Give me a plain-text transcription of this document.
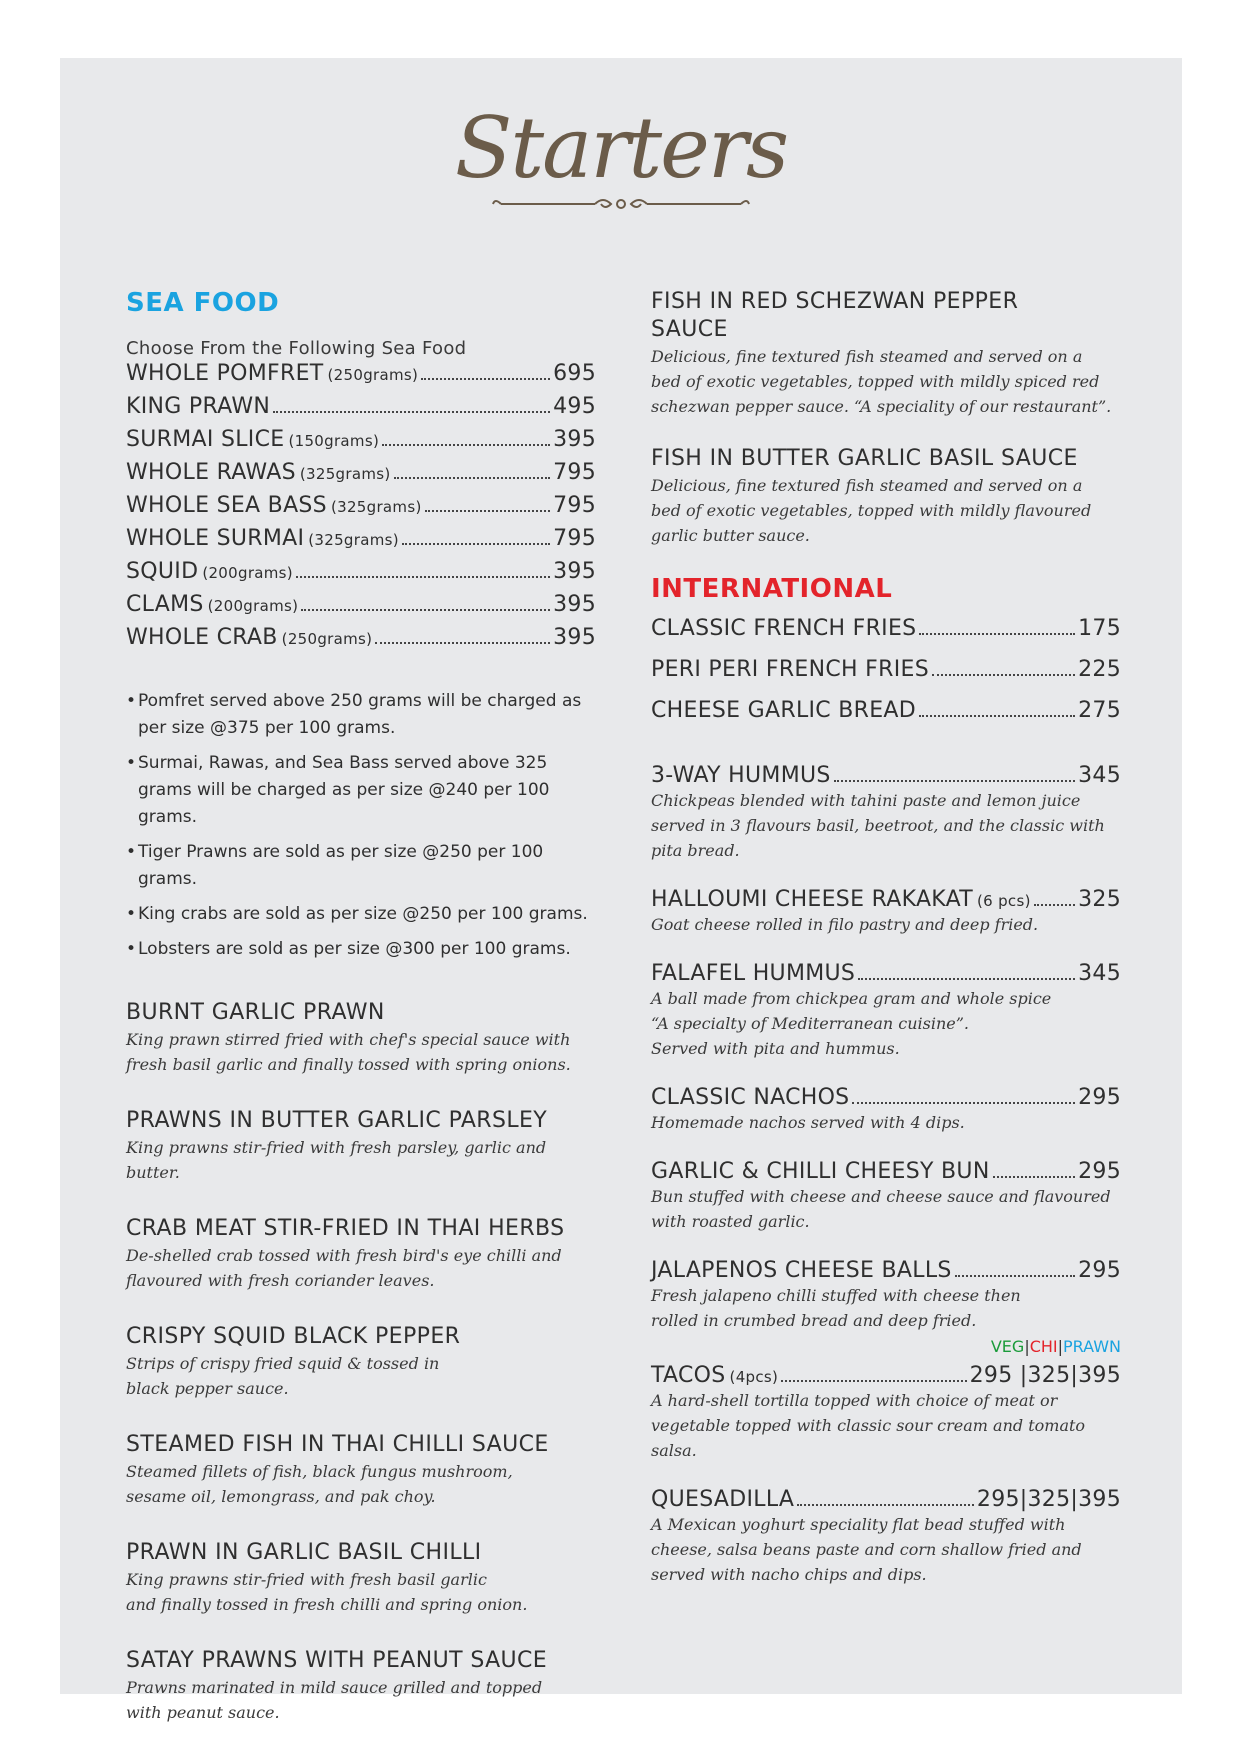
Starters
SEA FOOD
Choose From the Following Sea Food
WHOLE POMFRET (250grams)	695
KING PRAWN	495
SURMAI SLICE (150grams)	395
WHOLE RAWAS (325grams)	795
WHOLE SEA BASS (325grams)	795
WHOLE SURMAI (325grams)	795
SQUID (200grams)	395
CLAMS (200grams)	395
WHOLE CRAB (250grams)	395
• Pomfret served above 250 grams will be charged as per size @375 per 100 grams.
• Surmai, Rawas, and Sea Bass served above 325 grams will be charged as per size @240 per 100 grams.
• Tiger Prawns are sold as per size @250 per 100 grams.
• King crabs are sold as per size @250 per 100 grams.
• Lobsters are sold as per size @300 per 100 grams.
BURNT GARLIC PRAWN
King prawn stirred fried with chef's special sauce with
fresh basil garlic and finally tossed with spring onions.
PRAWNS IN BUTTER GARLIC PARSLEY
King prawns stir-fried with fresh parsley, garlic and butter.
CRAB MEAT STIR-FRIED IN THAI HERBS
De-shelled crab tossed with fresh bird's eye chilli and
flavoured with fresh coriander leaves.
CRISPY SQUID BLACK PEPPER
Strips of crispy fried squid & tossed in
black pepper sauce.
STEAMED FISH IN THAI CHILLI SAUCE
Steamed fillets of fish, black fungus mushroom,
sesame oil, lemongrass, and pak choy.
PRAWN IN GARLIC BASIL CHILLI
King prawns stir-fried with fresh basil garlic
and finally tossed in fresh chilli and spring onion.
SATAY PRAWNS WITH PEANUT SAUCE
Prawns marinated in mild sauce grilled and topped
with peanut sauce.
FISH IN RED SCHEZWAN PEPPER
SAUCE
Delicious, fine textured fish steamed and served on a
bed of exotic vegetables, topped with mildly spiced red
schezwan pepper sauce. “A speciality of our restaurant”.
FISH IN BUTTER GARLIC BASIL SAUCE
Delicious, fine textured fish steamed and served on a
bed of exotic vegetables, topped with mildly flavoured
garlic butter sauce.
INTERNATIONAL
CLASSIC FRENCH FRIES	175
PERI PERI FRENCH FRIES	225
CHEESE GARLIC BREAD	275
3-WAY HUMMUS	345
Chickpeas blended with tahini paste and lemon juice
served in 3 flavours basil, beetroot, and the classic with
pita bread.
HALLOUMI CHEESE RAKAKAT (6 pcs) 325
Goat cheese rolled in filo pastry and deep fried.
FALAFEL HUMMUS	345
A ball made from chickpea gram and whole spice
“A specialty of Mediterranean cuisine”.
Served with pita and hummus.
CLASSIC NACHOS	295
Homemade nachos served with 4 dips.
GARLIC & CHILLI CHEESY BUN	295
Bun stuffed with cheese and cheese sauce and flavoured
with roasted garlic.
JALAPENOS CHEESE BALLS	295
Fresh jalapeno chilli stuffed with cheese then
rolled in crumbed bread and deep fried.
VEG|CHI|PRAWN
TACOS (4pcs)	295 |325|395
A hard-shell tortilla topped with choice of meat or
vegetable topped with classic sour cream and tomato salsa.
QUESADILLA	295|325|395
A Mexican yoghurt speciality flat bead stuffed with
cheese, salsa beans paste and corn shallow fried and
served with nacho chips and dips.
